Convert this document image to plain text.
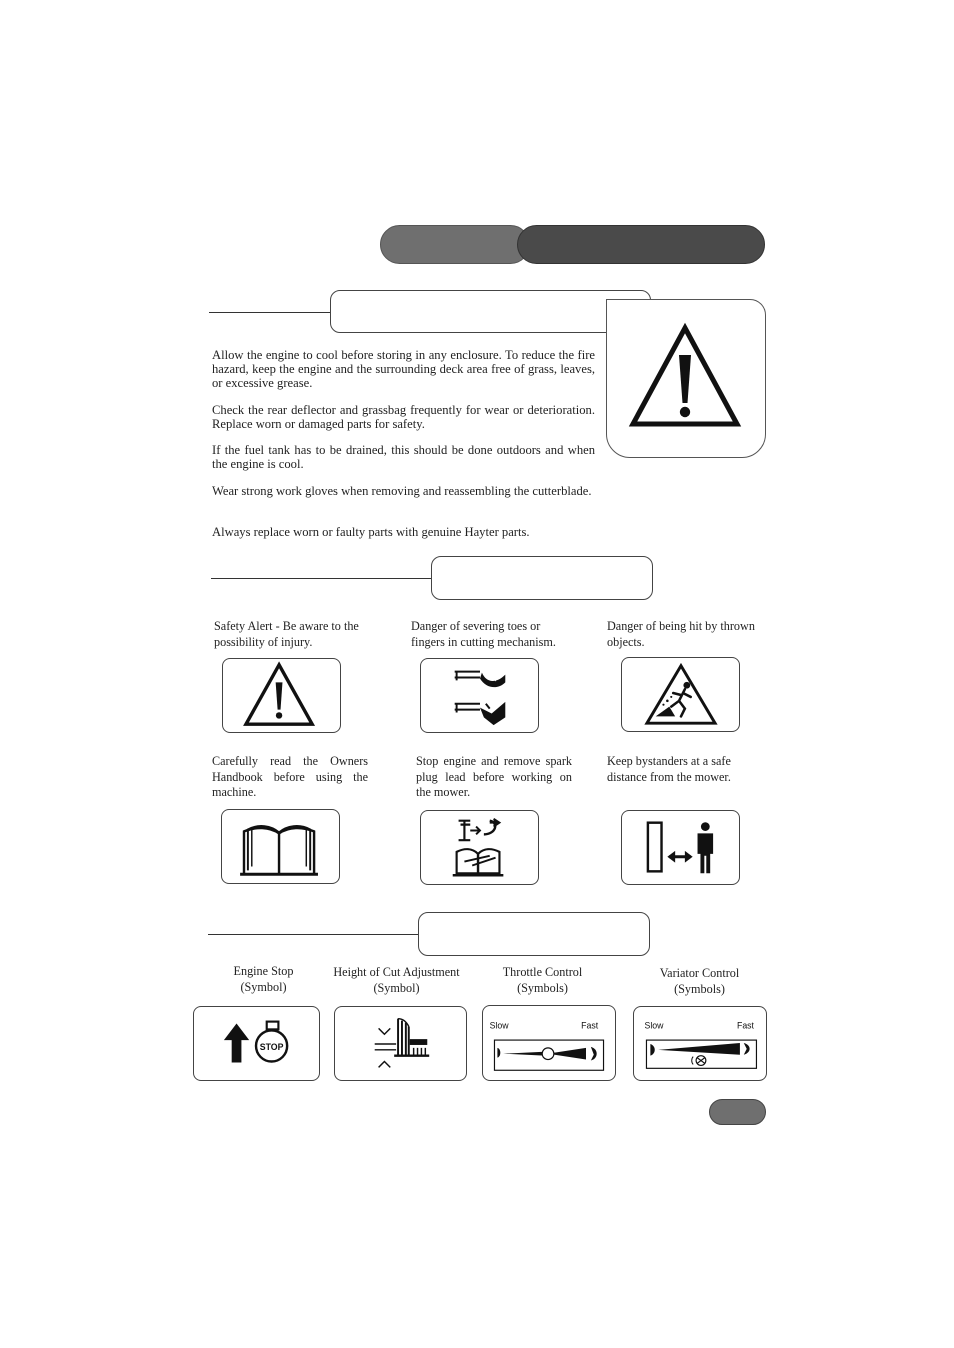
Allow the engine to cool before storing in any enclosure. To reduce the fire hazard, keep the engine and the surrounding deck area free of grass, leaves, or excessive grease.

Check the rear deflector and grassbag frequently for wear or deterioration. Replace worn or damaged parts for safety.

If the fuel tank has to be drained, this should be done outdoors and when the engine is cool.

Wear strong work gloves when removing and reassembling the cutterblade.

Always replace worn or faulty parts with genuine Hayter parts.

Safety Alert - Be aware to the possibility of injury.

Danger of severing toes or fingers in cutting mechanism.

Danger of being hit by thrown objects.

Carefully read the Owners Handbook before using the machine.

Stop engine and remove spark plug lead before working on the mower.

Keep bystanders at a safe distance from the mower.

Engine Stop

(Symbol)

Height of Cut Adjustment

(Symbol)

Throttle Control

(Symbols)

Variator Control

(Symbols)

STOP
Slow	Fast	Slow	Fast
